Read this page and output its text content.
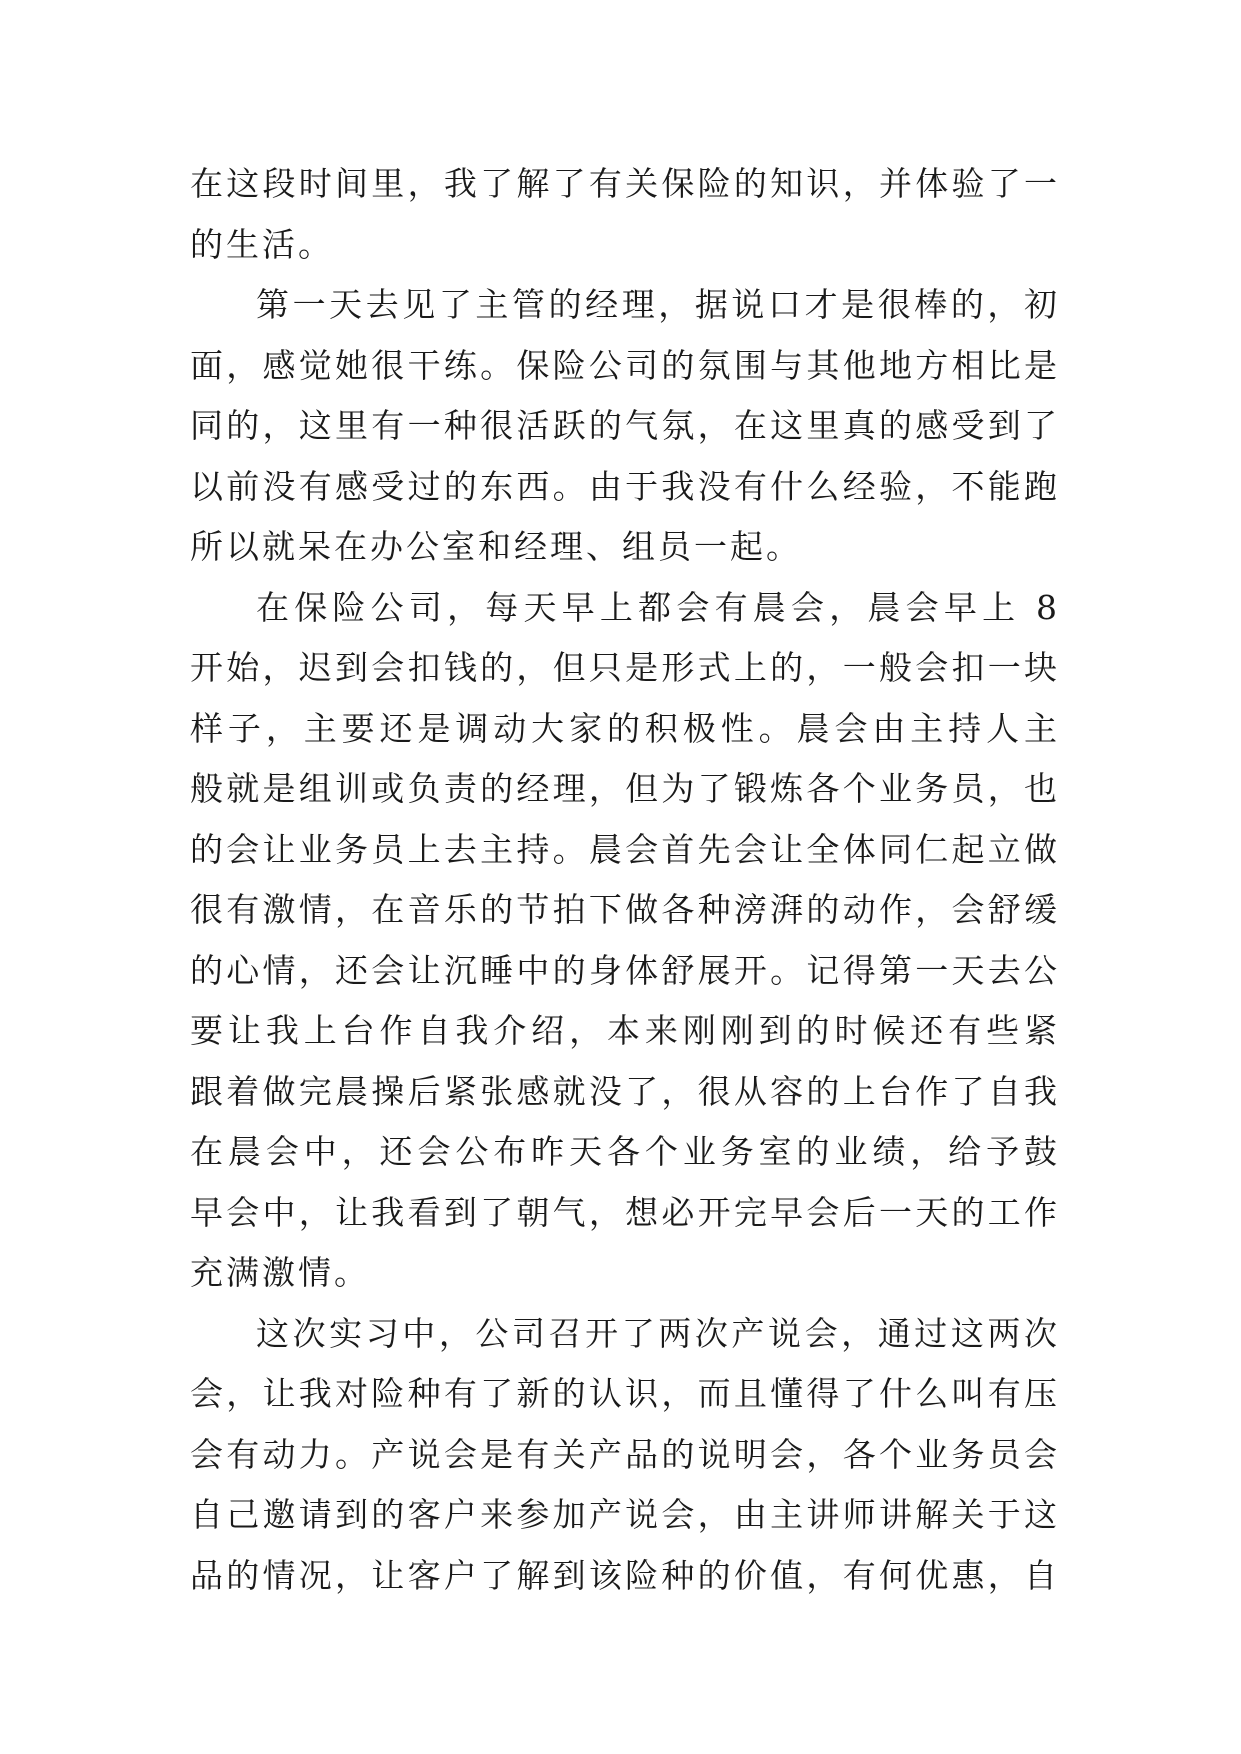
在这段时间里，我了解了有关保险的知识，并体验了一
的生活。
第一天去见了主管的经理，据说口才是很棒的，初
面，感觉她很干练。保险公司的氛围与其他地方相比是
同的，这里有一种很活跃的气氛，在这里真的感受到了
以前没有感受过的东西。由于我没有什么经验，不能跑
所以就呆在办公室和经理、组员一起。
在保险公司，每天早上都会有晨会，晨会早上 8
开始，迟到会扣钱的，但只是形式上的，一般会扣一块
样子，主要还是调动大家的积极性。晨会由主持人主
般就是组训或负责的经理，但为了锻炼各个业务员，也
的会让业务员上去主持。晨会首先会让全体同仁起立做
很有激情，在音乐的节拍下做各种滂湃的动作，会舒缓
的心情，还会让沉睡中的身体舒展开。记得第一天去公
要让我上台作自我介绍，本来刚刚到的时候还有些紧
跟着做完晨操后紧张感就没了，很从容的上台作了自我
在晨会中，还会公布昨天各个业务室的业绩，给予鼓
早会中，让我看到了朝气，想必开完早会后一天的工作
充满激情。
这次实习中，公司召开了两次产说会，通过这两次
会，让我对险种有了新的认识，而且懂得了什么叫有压
会有动力。产说会是有关产品的说明会，各个业务员会
自己邀请到的客户来参加产说会，由主讲师讲解关于这
品的情况，让客户了解到该险种的价值，有何优惠，自
